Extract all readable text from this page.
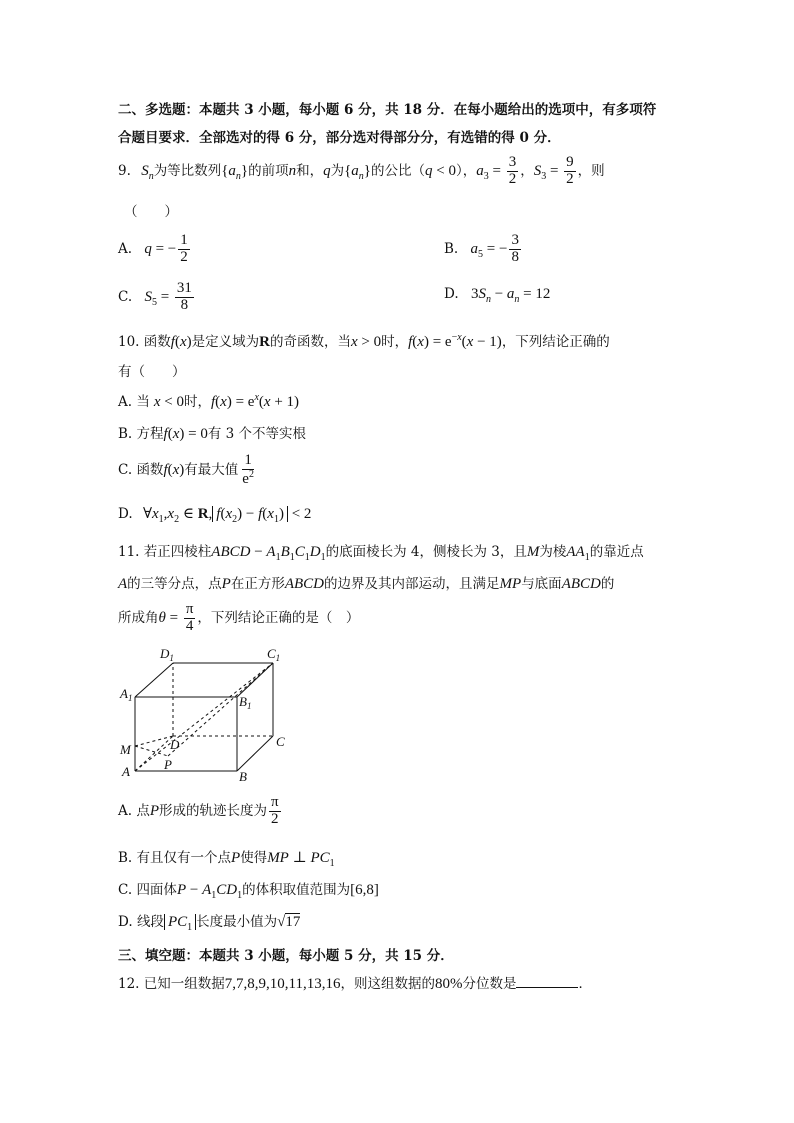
二、多选题：本题共 3 小题，每小题 6 分，共 18 分．在每小题给出的选项中，有多项符
合题目要求．全部选对的得 6 分，部分选对得部分分，有选错的得 0 分．
9. $S_n$为等比数列$\{a_n\}$的前项n和，q为$\{a_n\}$的公比（q < 0），$a_3 = \frac{3}{2}$ ，$S_3 = \frac{9}{2}$ ，则
（　　）
A. q = − $\frac{1}{2}$	B. $a_5$ = − $\frac{3}{8}$
C. $S_5 = \frac{31}{8}$	D. $3S_n - a_n = 12$
10. 函数f(x)是定义域为R的奇函数，当x > 0时，$f(x) = e^{-x}(x - 1)$，下列结论正确的
有（　　）
A. 当 x < 0时，$f(x) = e^x(x + 1)$
B. 方程f(x) = 0有 3 个不等实根
C. 函数f(x)有最大值 $\frac{1}{e^2}$
D. $\forall x_1,x_2$ ∈ R, $f(x_2) - f(x_1) < 2$
11. 若正四棱柱ABCD − $A_1B_1C_1D_1$的底面棱长为 4，侧棱长为 3，且M为棱$AA_1$的靠近点
A的三等分点，点P在正方形ABCD的边界及其内部运动，且满足MP与底面ABCD的
所成角$\theta = \frac{\pi}{4}$ ，下列结论正确的是（　）
$D_1$	$C_1$
$A_1$	$B_1$
M	D	C
A	P
B
A. 点P形成的轨迹长度为 $\frac{\pi}{2}$
B. 有且仅有一个点P使得MP ⊥ $PC_1$
C. 四面体$P - A_1CD_1$的体积取值范围为[6,8]
D. 线段 $PC_1$ 长度最小值为√17
三、填空题：本题共 3 小题，每小题 5 分，共 15 分．
12. 已知一组数据7,7,8,9,10,11,13,16，则这组数据的80%分位数是	．
